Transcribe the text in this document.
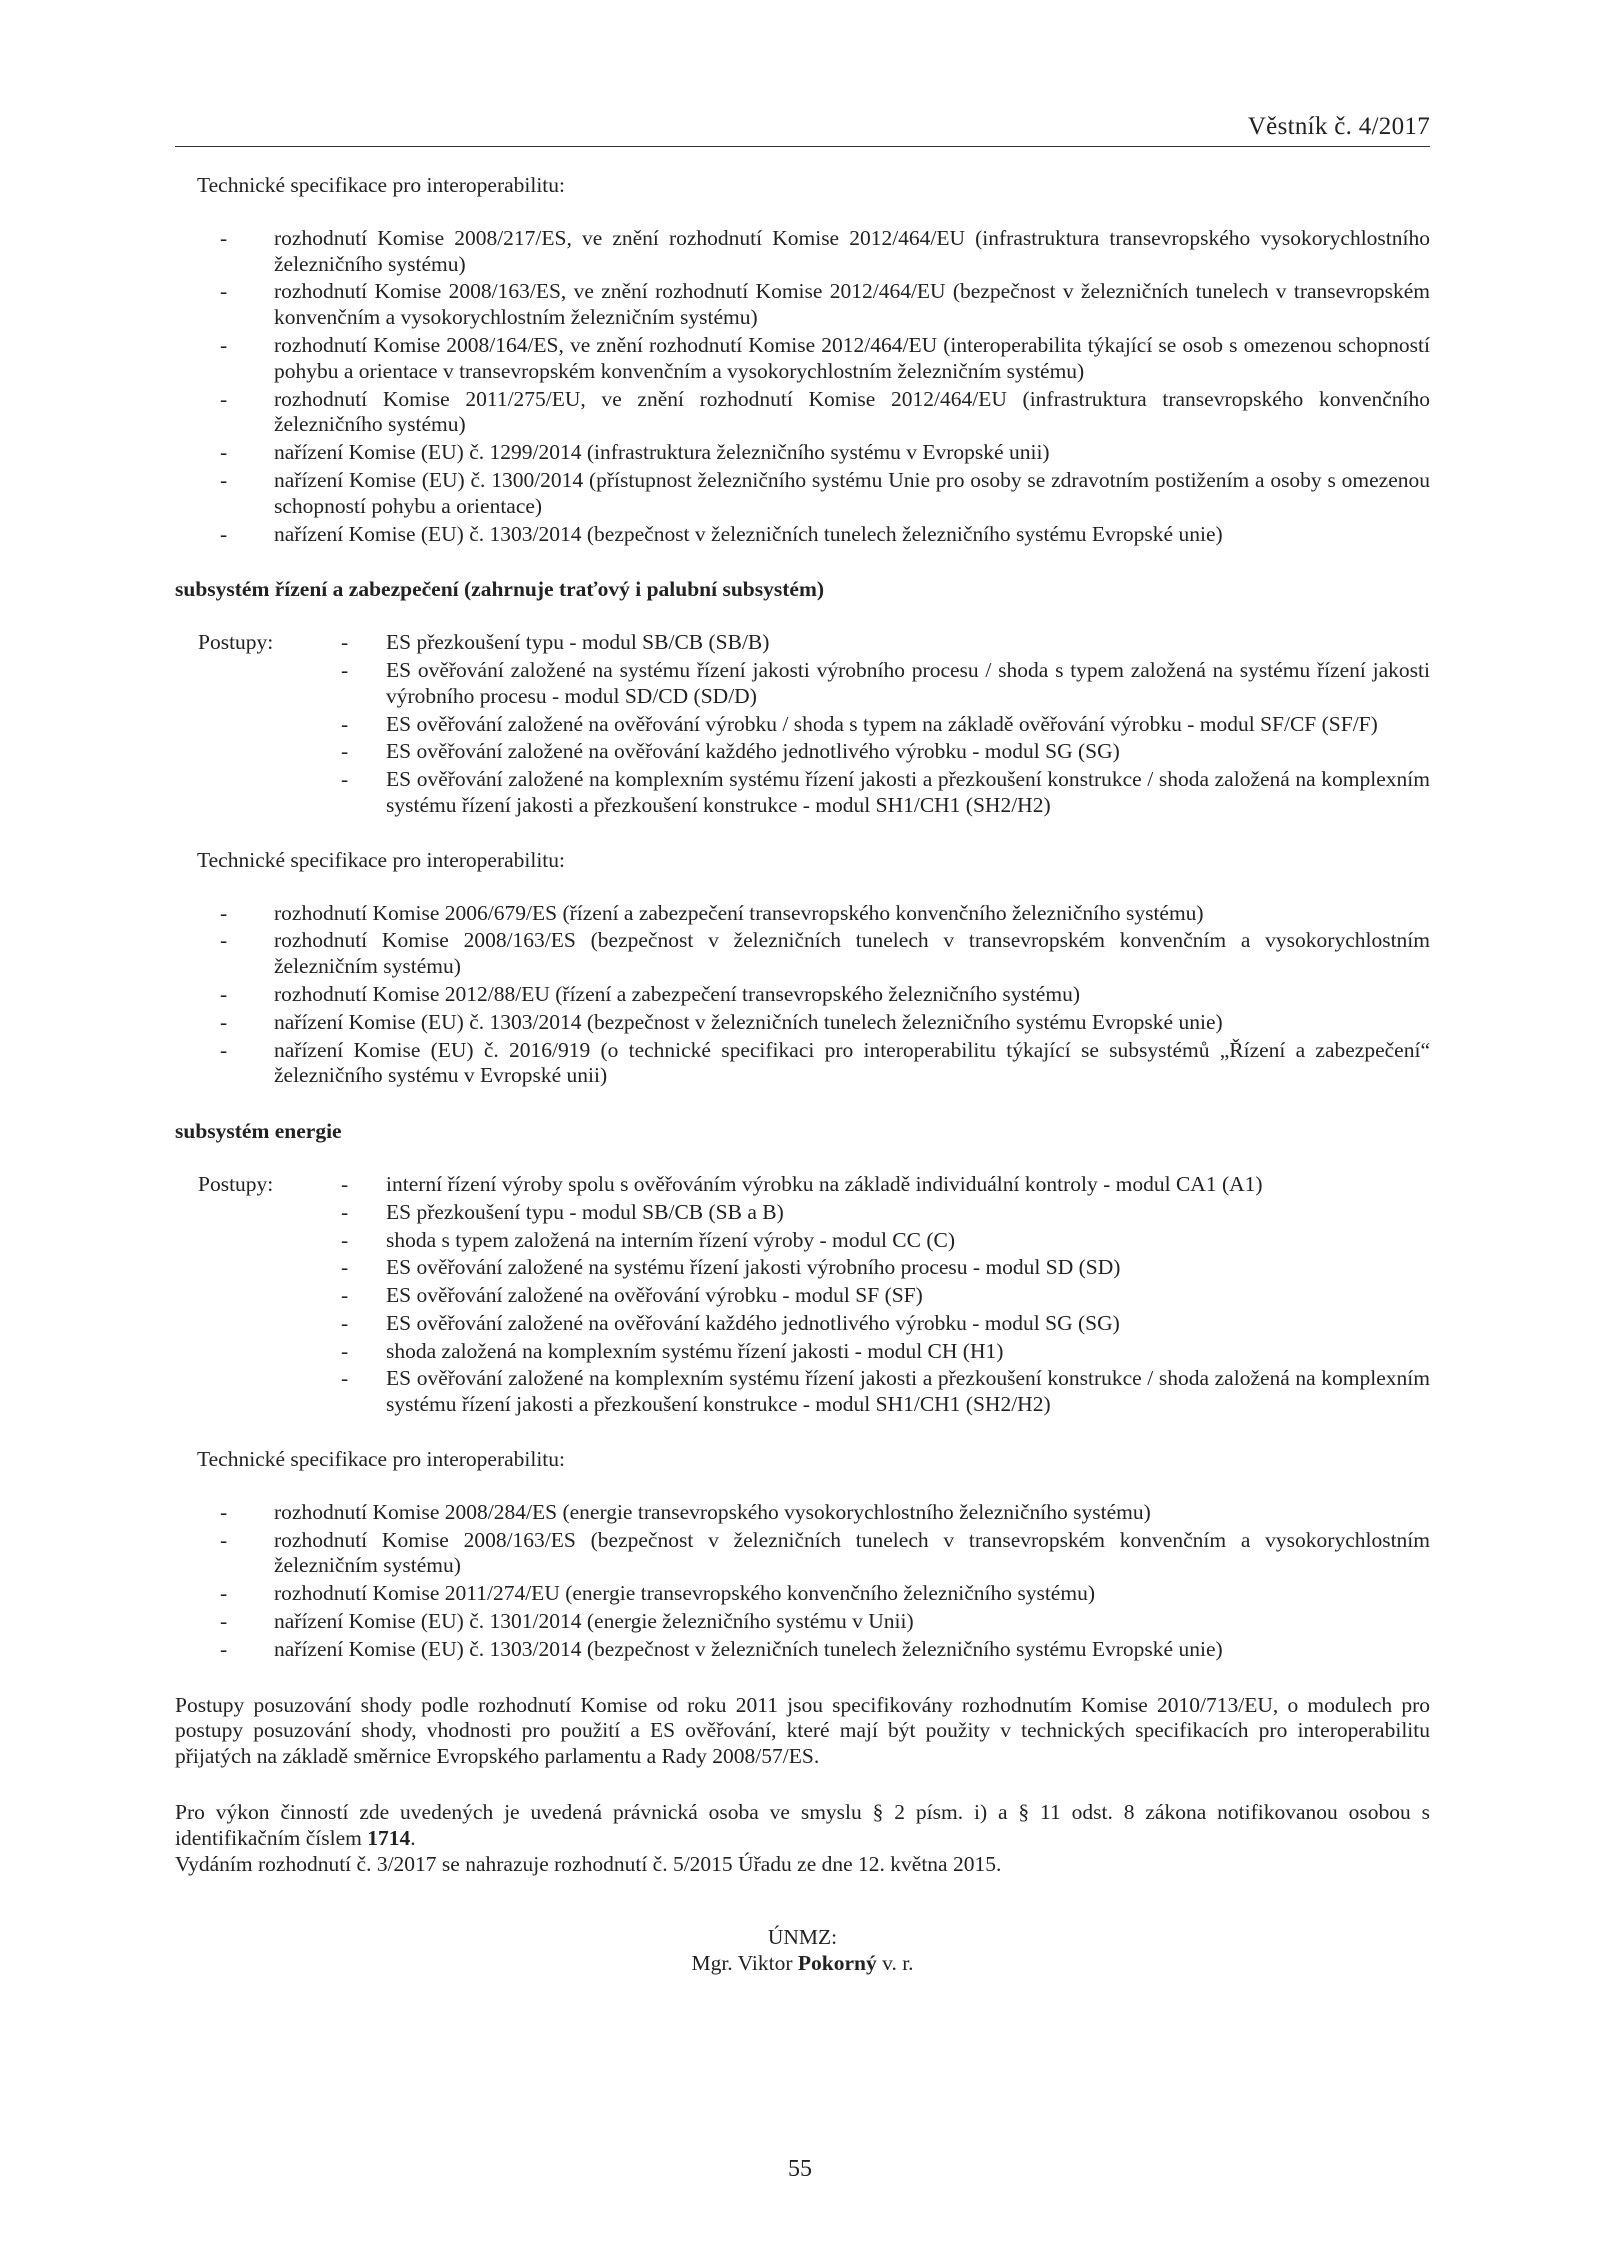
Věstník č. 4/2017

Technické specifikace pro interoperabilitu:

-	rozhodnutí Komise 2008/217/ES, ve znění rozhodnutí Komise 2012/464/EU (infrastruktura transevropského vysokorychlostního železničního systému)
-	rozhodnutí Komise 2008/163/ES, ve znění rozhodnutí Komise 2012/464/EU (bezpečnost v železničních tunelech v transevropském konvenčním a vysokorychlostním železničním systému)
-	rozhodnutí Komise 2008/164/ES, ve znění rozhodnutí Komise 2012/464/EU (interoperabilita týkající se osob s omezenou schopností pohybu a orientace v transevropském konvenčním a vysokorychlostním železničním systému)
-	rozhodnutí Komise 2011/275/EU, ve znění rozhodnutí Komise 2012/464/EU (infrastruktura transevropského konvenčního železničního systému)
-	nařízení Komise (EU) č. 1299/2014 (infrastruktura železničního systému v Evropské unii)
-	nařízení Komise (EU) č. 1300/2014 (přístupnost železničního systému Unie pro osoby se zdravotním postižením a osoby s omezenou schopností pohybu a orientace)
-	nařízení Komise (EU) č. 1303/2014 (bezpečnost v železničních tunelech železničního systému Evropské unie)

subsystém řízení a zabezpečení (zahrnuje traťový i palubní subsystém)

Postupy:	-	ES přezkoušení typu - modul SB/CB (SB/B)
-	ES ověřování založené na systému řízení jakosti výrobního procesu / shoda s typem založená na systému řízení jakosti výrobního procesu - modul SD/CD (SD/D)
-	ES ověřování založené na ověřování výrobku / shoda s typem na základě ověřování výrobku - modul SF/CF (SF/F)
-	ES ověřování založené na ověřování každého jednotlivého výrobku - modul SG (SG)
-	ES ověřování založené na komplexním systému řízení jakosti a přezkoušení konstrukce / shoda založená na komplexním systému řízení jakosti a přezkoušení konstrukce - modul SH1/CH1 (SH2/H2)

Technické specifikace pro interoperabilitu:

-	rozhodnutí Komise 2006/679/ES (řízení a zabezpečení transevropského konvenčního železničního systému)
-	rozhodnutí Komise 2008/163/ES (bezpečnost v železničních tunelech v transevropském konvenčním a vysokorychlostním železničním systému)
-	rozhodnutí Komise 2012/88/EU (řízení a zabezpečení transevropského železničního systému)
-	nařízení Komise (EU) č. 1303/2014 (bezpečnost v železničních tunelech železničního systému Evropské unie)
-	nařízení Komise (EU) č. 2016/919 (o technické specifikaci pro interoperabilitu týkající se subsystémů „Řízení a zabezpečení“ železničního systému v Evropské unii)

subsystém energie

Postupy:	-	interní řízení výroby spolu s ověřováním výrobku na základě individuální kontroly - modul CA1 (A1)
-	ES přezkoušení typu - modul SB/CB (SB a B)
-	shoda s typem založená na interním řízení výroby - modul CC (C)
-	ES ověřování založené na systému řízení jakosti výrobního procesu - modul SD (SD)
-	ES ověřování založené na ověřování výrobku - modul SF (SF)
-	ES ověřování založené na ověřování každého jednotlivého výrobku - modul SG (SG)
-	shoda založená na komplexním systému řízení jakosti - modul CH (H1)
-	ES ověřování založené na komplexním systému řízení jakosti a přezkoušení konstrukce / shoda založená na komplexním systému řízení jakosti a přezkoušení konstrukce - modul SH1/CH1 (SH2/H2)

Technické specifikace pro interoperabilitu:

-	rozhodnutí Komise 2008/284/ES (energie transevropského vysokorychlostního železničního systému)
-	rozhodnutí Komise 2008/163/ES (bezpečnost v železničních tunelech v transevropském konvenčním a vysokorychlostním železničním systému)
-	rozhodnutí Komise 2011/274/EU (energie transevropského konvenčního železničního systému)
-	nařízení Komise (EU) č. 1301/2014 (energie železničního systému v Unii)
-	nařízení Komise (EU) č. 1303/2014 (bezpečnost v železničních tunelech železničního systému Evropské unie)

Postupy posuzování shody podle rozhodnutí Komise od roku 2011 jsou specifikovány rozhodnutím Komise 2010/713/EU, o modulech pro postupy posuzování shody, vhodnosti pro použití a ES ověřování, které mají být použity v technických specifikacích pro interoperabilitu přijatých na základě směrnice Evropského parlamentu a Rady 2008/57/ES.

Pro výkon činností zde uvedených je uvedená právnická osoba ve smyslu § 2 písm. i) a § 11 odst. 8 zákona notifikovanou osobou s identifikačním číslem 1714.

Vydáním rozhodnutí č. 3/2017 se nahrazuje rozhodnutí č. 5/2015 Úřadu ze dne 12. května 2015.

ÚNMZ:
Mgr. Viktor Pokorný v. r.
55
